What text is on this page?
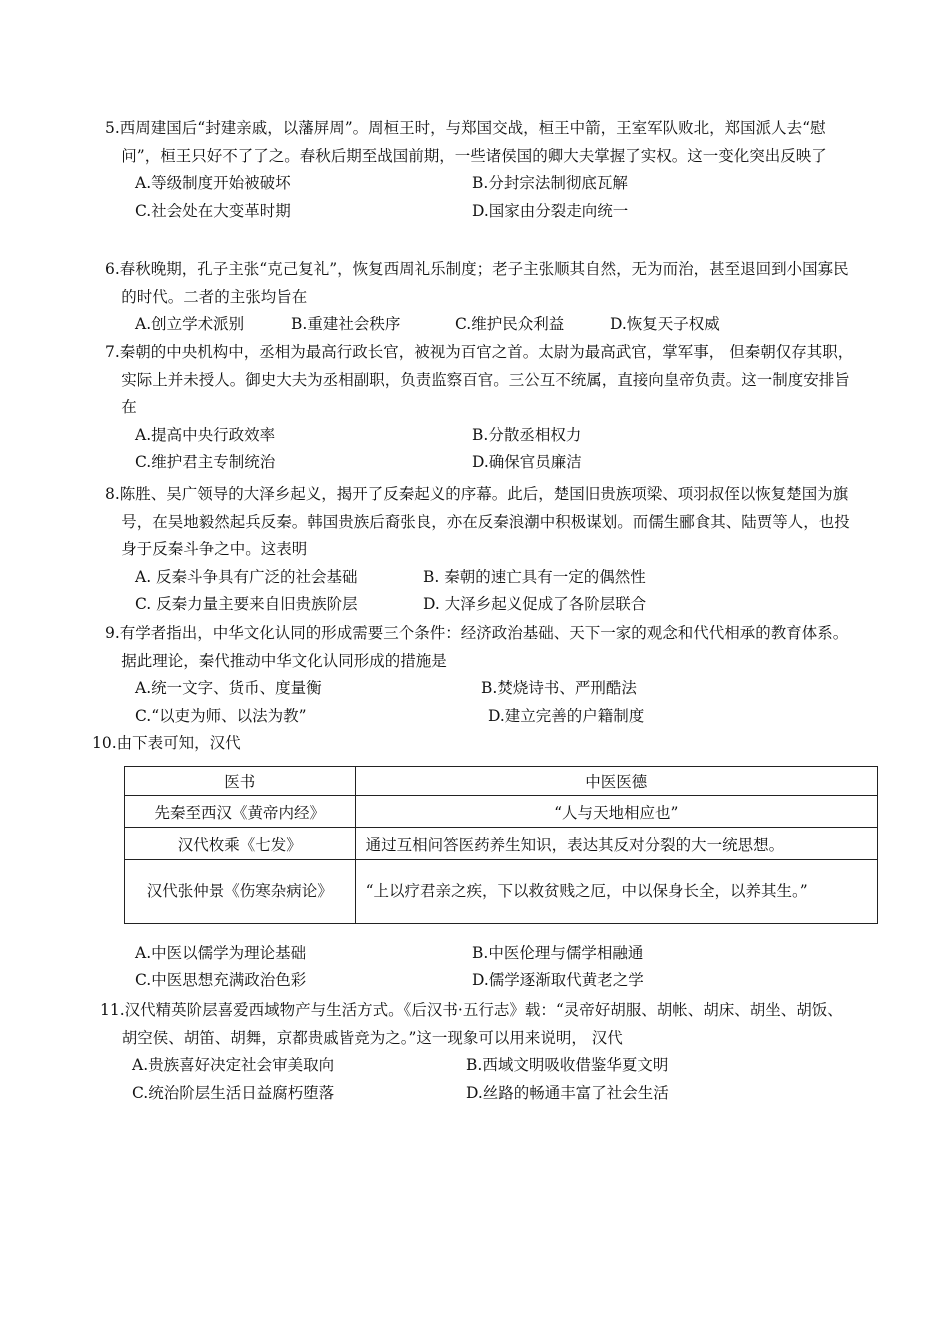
5.西周建国后“封建亲戚，以藩屏周”。周桓王时，与郑国交战，桓王中箭，王室军队败北，郑国派人去“慰问”，桓王只好不了了之。春秋后期至战国前期，一些诸侯国的卿大夫掌握了实权。这一变化突出反映了
A.等级制度开始被破坏	B.分封宗法制彻底瓦解
C.社会处在大变革时期	D.国家由分裂走向统一
6.春秋晚期，孔子主张“克己复礼”，恢复西周礼乐制度；老子主张顺其自然，无为而治，甚至退回到小国寡民的时代。二者的主张均旨在
A.创立学术派别	B.重建社会秩序	C.维护民众利益	D.恢复天子权威
7.秦朝的中央机构中，丞相为最高行政长官，被视为百官之首。太尉为最高武官，掌军事， 但秦朝仅存其职，实际上并未授人。御史大夫为丞相副职，负责监察百官。三公互不统属，直接向皇帝负责。这一制度安排旨在
A.提高中央行政效率	B.分散丞相权力
C.维护君主专制统治	D.确保官员廉洁
8.陈胜、吴广领导的大泽乡起义，揭开了反秦起义的序幕。此后，楚国旧贵族项梁、项羽叔侄以恢复楚国为旗号，在吴地毅然起兵反秦。韩国贵族后裔张良，亦在反秦浪潮中积极谋划。而儒生郦食其、陆贾等人，也投身于反秦斗争之中。这表明
A. 反秦斗争具有广泛的社会基础	B. 秦朝的速亡具有一定的偶然性
C. 反秦力量主要来自旧贵族阶层	D. 大泽乡起义促成了各阶层联合
9.有学者指出，中华文化认同的形成需要三个条件：经济政治基础、天下一家的观念和代代相承的教育体系。据此理论，秦代推动中华文化认同形成的措施是
A.统一文字、货币、度量衡	B.焚烧诗书、严刑酷法
C.“以吏为师、以法为教”	D.建立完善的户籍制度
10.由下表可知，汉代
医书	中医医德
先秦至西汉《黄帝内经》	“人与天地相应也”
汉代枚乘《七发》	通过互相问答医药养生知识，表达其反对分裂的大一统思想。
汉代张仲景《伤寒杂病论》	“上以疗君亲之疾，下以救贫贱之厄，中以保身长全，以养其生。”
A.中医以儒学为理论基础	B.中医伦理与儒学相融通
C.中医思想充满政治色彩	D.儒学逐渐取代黄老之学
11.汉代精英阶层喜爱西域物产与生活方式。《后汉书·五行志》载：“灵帝好胡服、胡帐、胡床、胡坐、胡饭、胡空侯、胡笛、胡舞，京都贵戚皆竞为之。”这一现象可以用来说明， 汉代
A.贵族喜好决定社会审美取向	B.西域文明吸收借鉴华夏文明
C.统治阶层生活日益腐朽堕落	D.丝路的畅通丰富了社会生活
